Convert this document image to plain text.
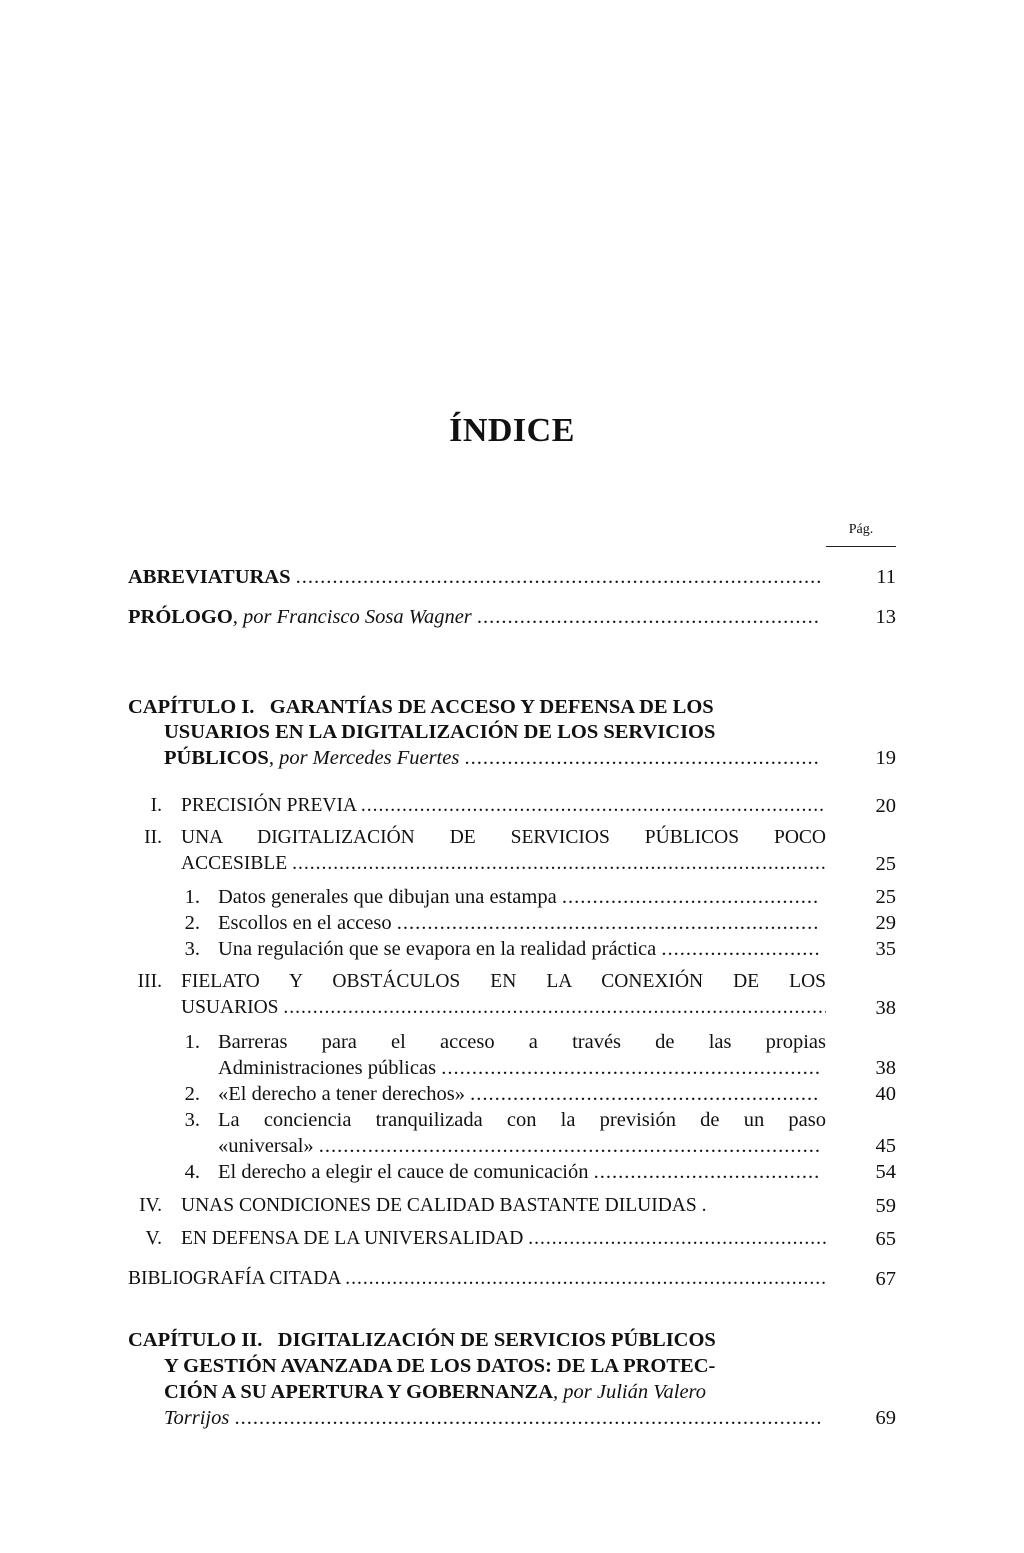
ÍNDICE
Pág.
ABREVIATURAS .....	11
PRÓLOGO, por Francisco Sosa Wagner .....	13
CAPÍTULO I.   GARANTÍAS DE ACCESO Y DEFENSA DE LOS
USUARIOS EN LA DIGITALIZACIÓN DE LOS SERVICIOS
PÚBLICOS, por Mercedes Fuertes .....	19
I. PRECISIÓN PREVIA .....	20
II. UNA DIGITALIZACIÓN DE SERVICIOS PÚBLICOS POCO
ACCESIBLE .....	25
1. Datos generales que dibujan una estampa .....	25
2. Escollos en el acceso .....	29
3. Una regulación que se evapora en la realidad práctica .....	35
III. FIELATO Y OBSTÁCULOS EN LA CONEXIÓN DE LOS
USUARIOS .....	38
1. Barreras para el acceso a través de las propias
Administraciones públicas .....	38
2. «El derecho a tener derechos» .....	40
3. La conciencia tranquilizada con la previsión de un paso
«universal» .....	45
4. El derecho a elegir el cauce de comunicación .....	54
IV. UNAS CONDICIONES DE CALIDAD BASTANTE DILUIDAS .	59
V. EN DEFENSA DE LA UNIVERSALIDAD .....	65
BIBLIOGRAFÍA CITADA .....	67
CAPÍTULO II.   DIGITALIZACIÓN DE SERVICIOS PÚBLICOS
Y GESTIÓN AVANZADA DE LOS DATOS: DE LA PROTEC-
CIÓN A SU APERTURA Y GOBERNANZA, por Julián Valero
Torrijos .....	69
